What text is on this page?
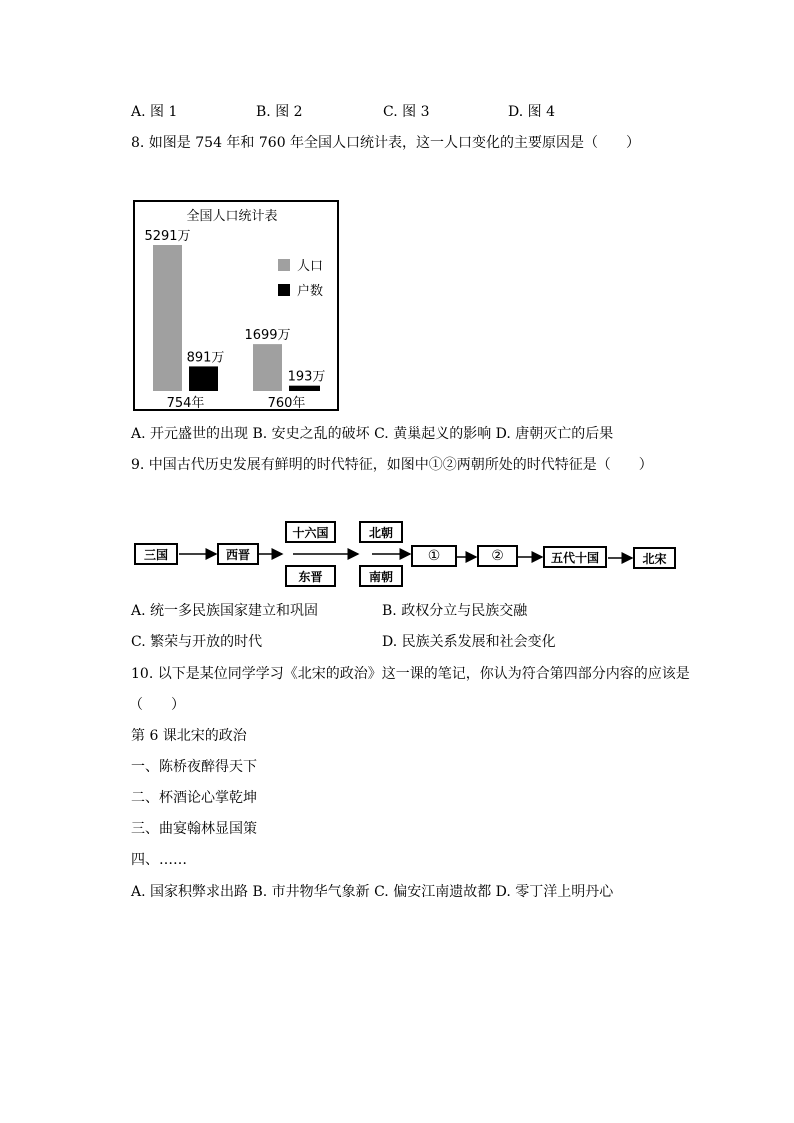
A. 图 1	B. 图 2	C. 图 3	D. 图 4
8. 如图是 754 年和 760 年全国人口统计表，这一人口变化的主要原因是（　　）
全国人口统计表
5291万
891万
754年
1699万
193万
760年
人口
户数
A. 开元盛世的出现 B. 安史之乱的破坏 C. 黄巢起义的影响 D. 唐朝灭亡的后果
9. 中国古代历史发展有鲜明的时代特征，如图中①②两朝所处的时代特征是（　　）
三国	西晋
十六国
东晋
北朝
南朝
①	②	五代十国	北宋
A. 统一多民族国家建立和巩固	B. 政权分立与民族交融
C. 繁荣与开放的时代	D. 民族关系发展和社会变化
10. 以下是某位同学学习《北宋的政治》这一课的笔记，你认为符合第四部分内容的应该是
（　　）
第 6 课北宋的政治
一、陈桥夜醉得天下
二、杯酒论心掌乾坤
三、曲宴翰林显国策
四、……
A. 国家积弊求出路 B. 市井物华气象新 C. 偏安江南遗故都 D. 零丁洋上明丹心
